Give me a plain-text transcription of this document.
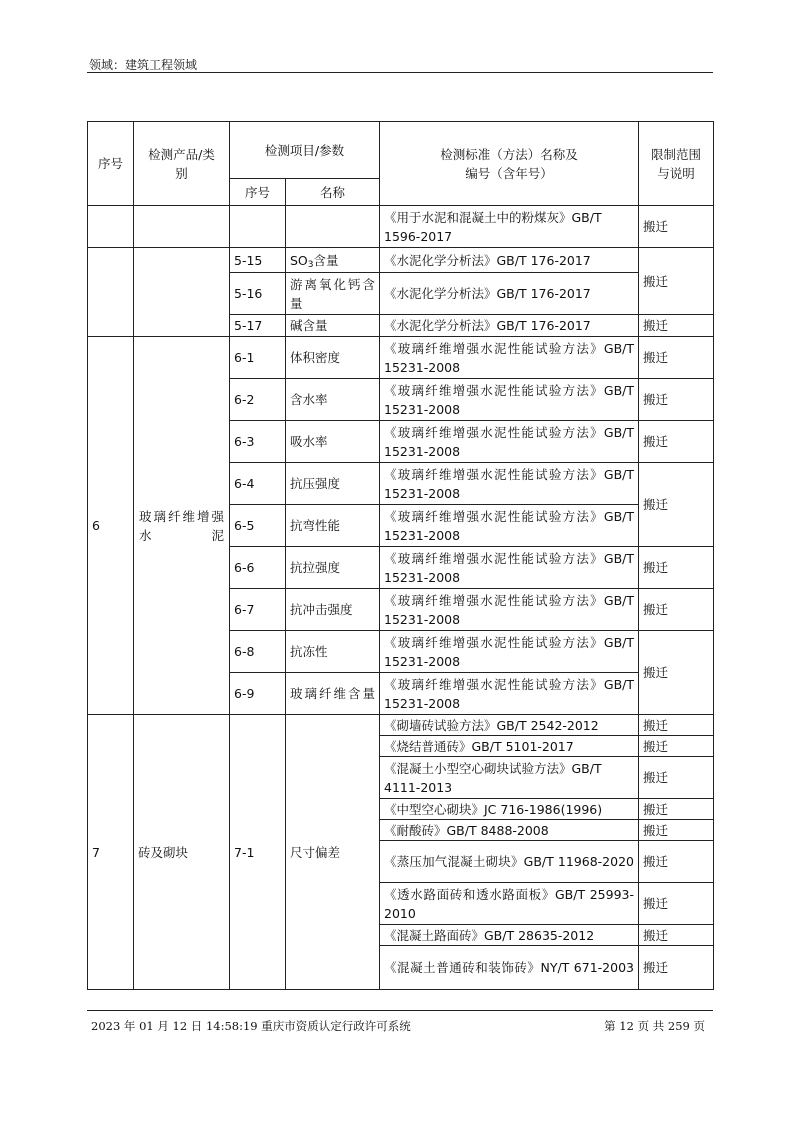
领域：建筑工程领域
序号	检测产品/类别	检测项目/参数		检测标准（方法）名称及编号（含年号）	限制范围与说明
		序号	名称		
				《用于水泥和混凝土中的粉煤灰》GB/T 1596-2017	搬迁
		5-15	$SO_3$含量	《水泥化学分析法》GB/T 176-2017	搬迁
		5-16	游离氧化钙含量	《水泥化学分析法》GB/T 176-2017	
		5-17	碱含量	《水泥化学分析法》GB/T 176-2017	搬迁
6	玻璃纤维增强水泥	6-1	体积密度	《玻璃纤维增强水泥性能试验方法》GB/T 15231-2008	搬迁
		6-2	含水率	《玻璃纤维增强水泥性能试验方法》GB/T 15231-2008	搬迁
		6-3	吸水率	《玻璃纤维增强水泥性能试验方法》GB/T 15231-2008	搬迁
		6-4	抗压强度	《玻璃纤维增强水泥性能试验方法》GB/T 15231-2008	搬迁
		6-5	抗弯性能	《玻璃纤维增强水泥性能试验方法》GB/T 15231-2008	
		6-6	抗拉强度	《玻璃纤维增强水泥性能试验方法》GB/T 15231-2008	搬迁
		6-7	抗冲击强度	《玻璃纤维增强水泥性能试验方法》GB/T 15231-2008	搬迁
		6-8	抗冻性	《玻璃纤维增强水泥性能试验方法》GB/T 15231-2008	搬迁
		6-9	玻璃纤维含量	《玻璃纤维增强水泥性能试验方法》GB/T 15231-2008	
7	砖及砌块	7-1	尺寸偏差	《砌墙砖试验方法》GB/T 2542-2012	搬迁
				《烧结普通砖》GB/T 5101-2017	搬迁
				《混凝土小型空心砌块试验方法》GB/T 4111-2013	搬迁
				《中型空心砌块》JC 716-1986(1996)	搬迁
				《耐酸砖》GB/T 8488-2008	搬迁
				《蒸压加气混凝土砌块》GB/T 11968-2020	搬迁
				《透水路面砖和透水路面板》GB/T 25993-2010	搬迁
				《混凝土路面砖》GB/T 28635-2012	搬迁
				《混凝土普通砖和装饰砖》NY/T 671-2003	搬迁
2023 年 01 月 12 日 14:58:19 重庆市资质认定行政许可系统	第 12 页 共 259 页
